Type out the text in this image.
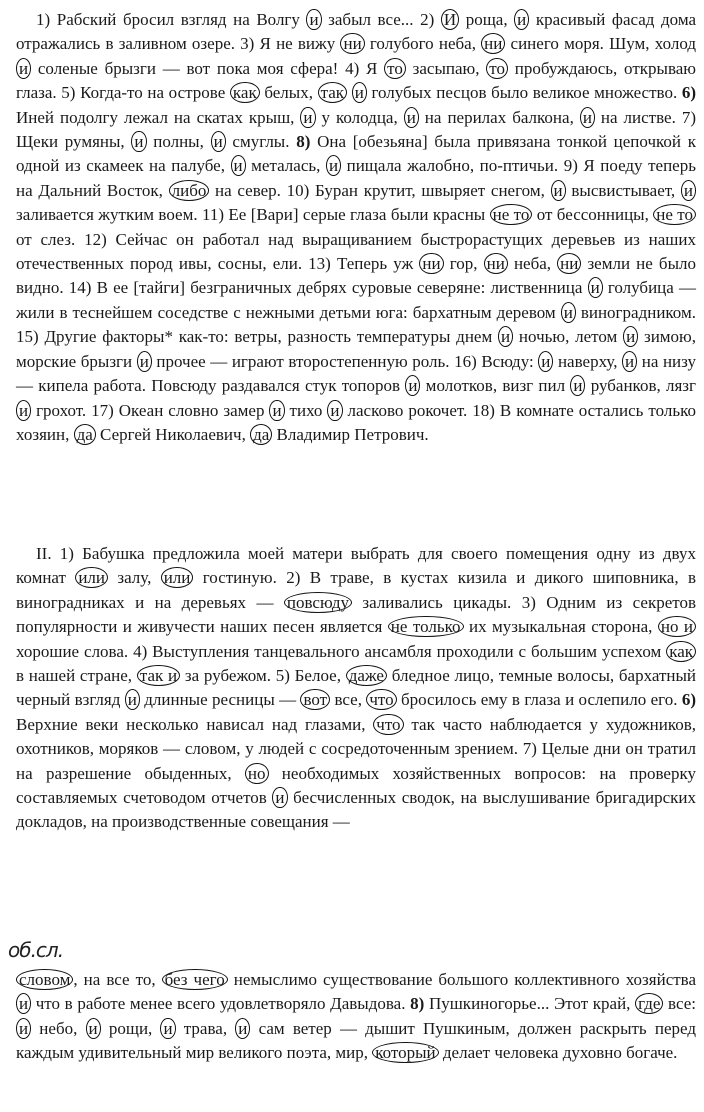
1) Рабский бросил взгляд на Волгу и забыл все... 2) И роща, и красивый фасад дома отражались в заливном озере. 3) Я не вижу ни голубого неба, ни синего моря. Шум, холод и соленые брызги — вот пока моя сфера! 4) Я то засыпаю, то пробуждаюсь, открываю глаза. 5) Когда-то на острове как белых, так и голубых песцов было великое множество. 6) Иней подолгу лежал на скатах крыш, и у колодца, и на перилах балкона, и на листве. 7) Щеки румяны, и полны, и смуглы. 8) Она [обезьяна] была привязана тонкой цепочкой к одной из скамеек на палубе, и металась, и пищала жалобно, по-птичьи. 9) Я поеду теперь на Дальний Восток, либо на север. 10) Буран крутит, швыряет снегом, и высвистывает, и заливается жутким воем. 11) Ее [Вари] серые глаза были красны не то от бессонницы, не то от слез. 12) Сейчас он работал над выращиванием быстрорастущих деревьев из наших отечественных пород ивы, сосны, ели. 13) Теперь уж ни гор, ни неба, ни земли не было видно. 14) В ее [тайги] безграничных дебрях суровые северяне: лиственница и голубица — жили в теснейшем соседстве с нежными детьми юга: бархатным деревом и виноградником. 15) Другие факторы* как-то: ветры, разность температуры днем и ночью, летом и зимою, морские брызги и прочее — играют второстепенную роль. 16) Всюду: и наверху, и на низу — кипела работа. Повсюду раздавался стук топоров и молотков, визг пил и рубанков, лязг и грохот. 17) Океан словно замер и тихо и ласково рокочет. 18) В комнате остались только хозяин, да Сергей Николаевич, да Владимир Петрович.

II. 1) Бабушка предложила моей матери выбрать для своего помещения одну из двух комнат или залу, или гостиную. 2) В траве, в кустах кизила и дикого шиповника, в виноградниках и на деревьях — повсюду заливались цикады. 3) Одним из секретов популярности и живучести наших песен является не только их музыкальная сторона, но и хорошие слова. 4) Выступления танцевального ансамбля проходили с большим успехом как в нашей стране, так и за рубежом. 5) Белое, даже бледное лицо, темные волосы, бархатный черный взгляд и длинные ресницы — вот все, что бросилось ему в глаза и ослепило его. 6) Верхние веки несколько нависал над глазами, что так часто наблюдается у художников, охотников, моряков — словом, у людей с сосредоточенным зрением. 7) Целые дни он тратил на разрешение обыденных, но необходимых хозяйственных вопросов: на проверку составляемых счетоводом отчетов и бесчисленных сводок, на выслушивание бригадирских докладов, на производственные совещания —

об.сл.

словом , на все то, без чего немыслимо существование большого коллективного хозяйства и что в работе менее всего удовлетворяло Давыдова. 8) Пушкиногорье... Этот край, где все: и небо, и рощи, и трава, и сам ветер — дышит Пушкиным, должен раскрыть перед каждым удивительный мир великого поэта, мир, который делает человека духовно богаче.
